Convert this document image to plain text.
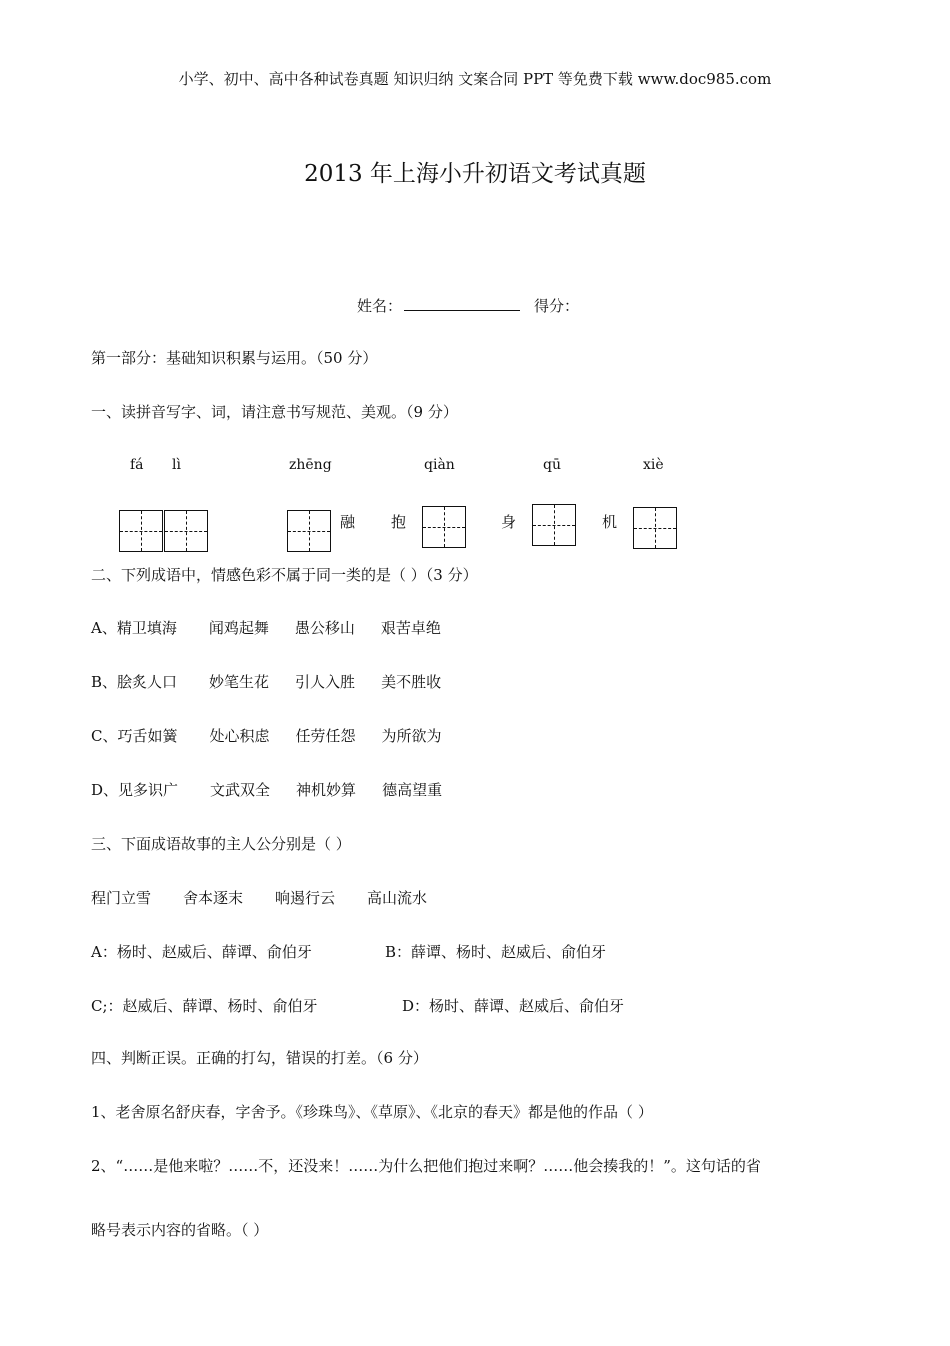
小学、初中、高中各种试卷真题 知识归纳 文案合同 PPT 等免费下载 www.doc985.com
2013 年上海小升初语文考试真题
姓名：	得分：
第一部分：基础知识积累与运用。（50 分）
一、读拼音写字、词，请注意书写规范、美观。（9 分）
fá lì	zhēng	qiàn	qū	xiè
融 抱	身	机
二、下列成语中，情感色彩不属于同一类的是（ ）（3 分）
A、精卫填海 闻鸡起舞 愚公移山 艰苦卓绝
B、脍炙人口 妙笔生花 引人入胜 美不胜收
C、巧舌如簧 处心积虑 任劳任怨 为所欲为
D、见多识广 文武双全 神机妙算 德高望重
三、下面成语故事的主人公分别是（ ）
程门立雪 舍本逐末 响遏行云 高山流水
A：杨时、赵威后、薛谭、俞伯牙	B：薛谭、杨时、赵威后、俞伯牙
C;：赵威后、薛谭、杨时、俞伯牙	D：杨时、薛谭、赵威后、俞伯牙
四、判断正误。正确的打勾，错误的打差。（6 分）
1、老舍原名舒庆春，字舍予。《珍珠鸟》、《草原》、《北京的春天》都是他的作品（ ）
2、“……是他来啦？……不，还没来！……为什么把他们抱过来啊？……他会揍我的！”。这句话的省
略号表示内容的省略。（ ）
